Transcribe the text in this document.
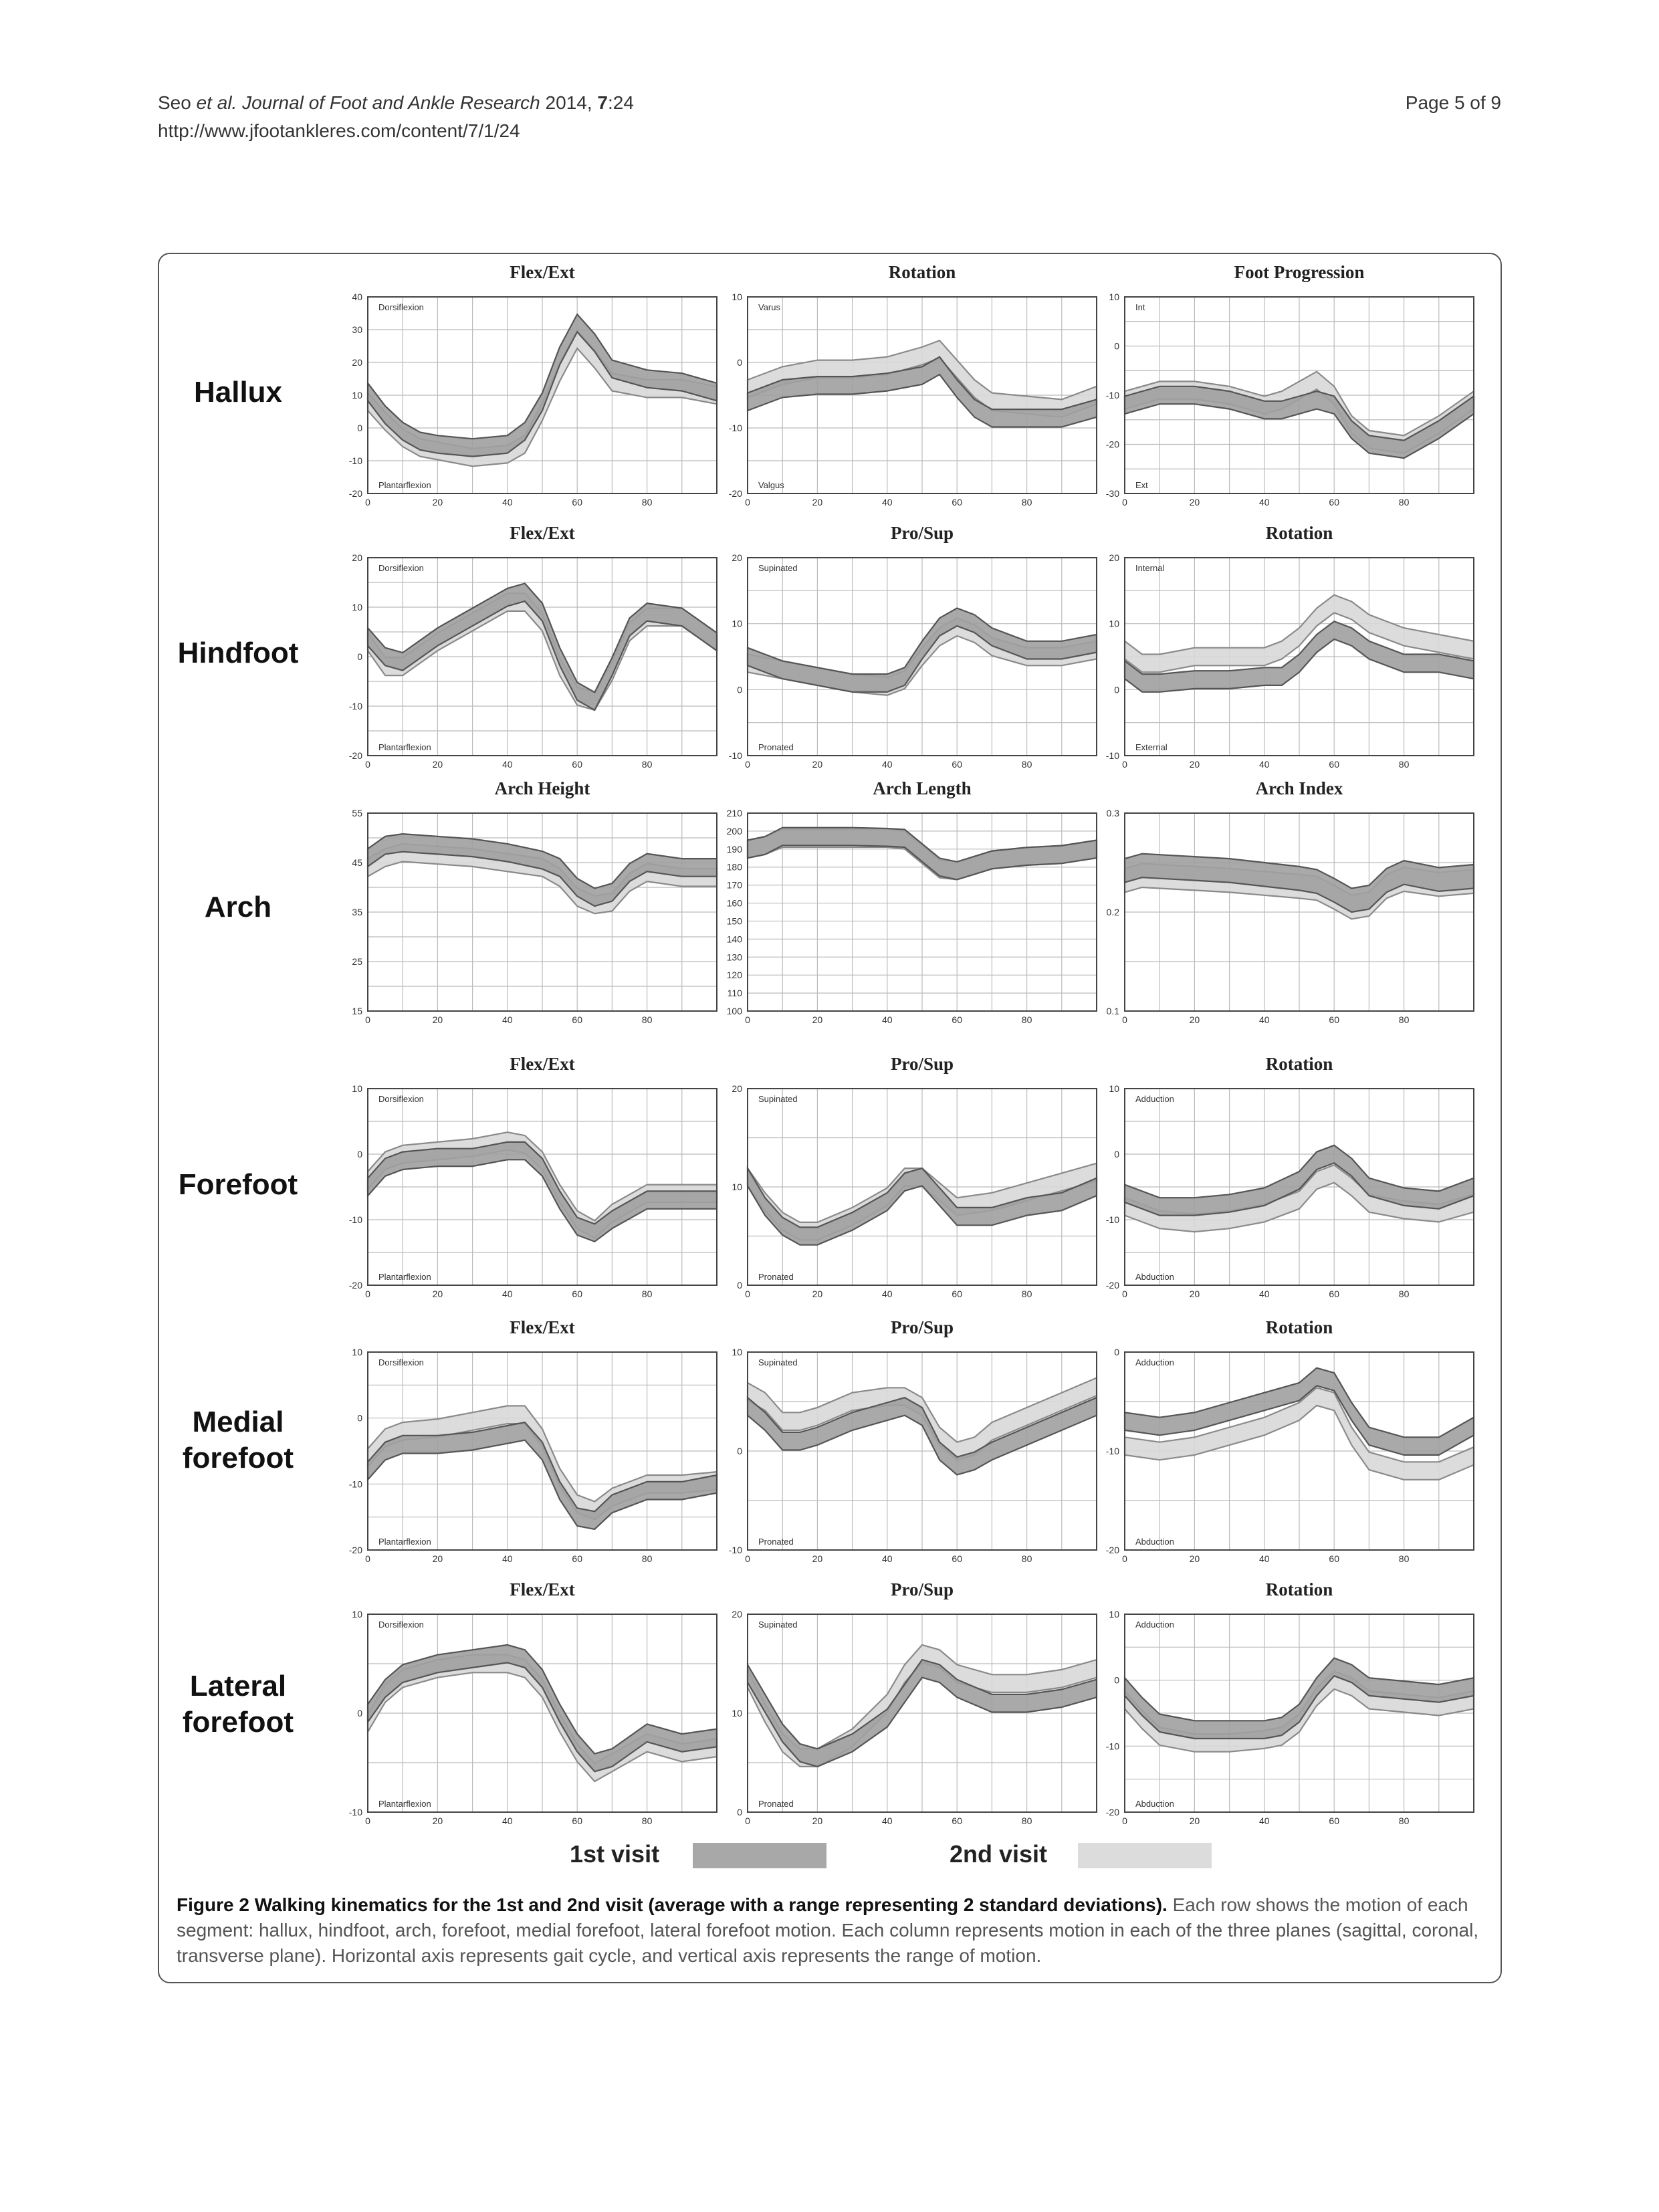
Seo et al. Journal of Foot and Ankle Research 2014, 7:24
http://www.jfootankleres.com/content/7/1/24
Page 5 of 9
Hallux
Flex/Ext
40
30
20
10
0
-10
-20
0	20	40	60	80
Dorsiflexion
Plantarflexion
Rotation
10
0
-10
-20
0	20	40	60	80
Varus
Valgus
Foot Progression
10
0
-10
-20
-30
0	20	40	60	80
Int
Ext
Hindfoot
Flex/Ext
20
10
0
-10
-20
0	20	40	60	80
Dorsiflexion
Plantarflexion
Pro/Sup
20
10
0
-10
0	20	40	60	80
Supinated
Pronated
Rotation
20
10
0
-10
0	20	40	60	80
Internal
External
Arch
Arch Height
55
45
35
25
15
0	20	40	60	80
Arch Length
210
200
190
180
170
160
150
140
130
120
110
100
0	20	40	60	80
Arch Index
0.3
0.2
0.1
0	20	40	60	80
Forefoot
Flex/Ext
10
0
-10
-20
0	20	40	60	80
Dorsiflexion
Plantarflexion
Pro/Sup
20
10
0
0	20	40	60	80
Supinated
Pronated
Rotation
10
0
-10
-20
0	20	40	60	80
Adduction
Abduction
Medial
forefoot
Flex/Ext
10
0
-10
-20
0	20	40	60	80
Dorsiflexion
Plantarflexion
Pro/Sup
10
0
-10
0	20	40	60	80
Supinated
Pronated
Rotation
0
-10
-20
0	20	40	60	80
Adduction
Abduction
Lateral
forefoot
Flex/Ext
10
0
-10
0	20	40	60	80
Dorsiflexion
Plantarflexion
Pro/Sup
20
10
0
0	20	40	60	80
Supinated
Pronated
Rotation
10
0
-10
-20
0	20	40	60	80
Adduction
Abduction
1st visit	2nd visit
Figure 2 Walking kinematics for the 1st and 2nd visit (average with a range representing 2 standard deviations). Each row shows the motion of each segment: hallux, hindfoot, arch, forefoot, medial forefoot, lateral forefoot motion. Each column represents motion in each of the three planes (sagittal, coronal, transverse plane). Horizontal axis represents gait cycle, and vertical axis represents the range of motion.
